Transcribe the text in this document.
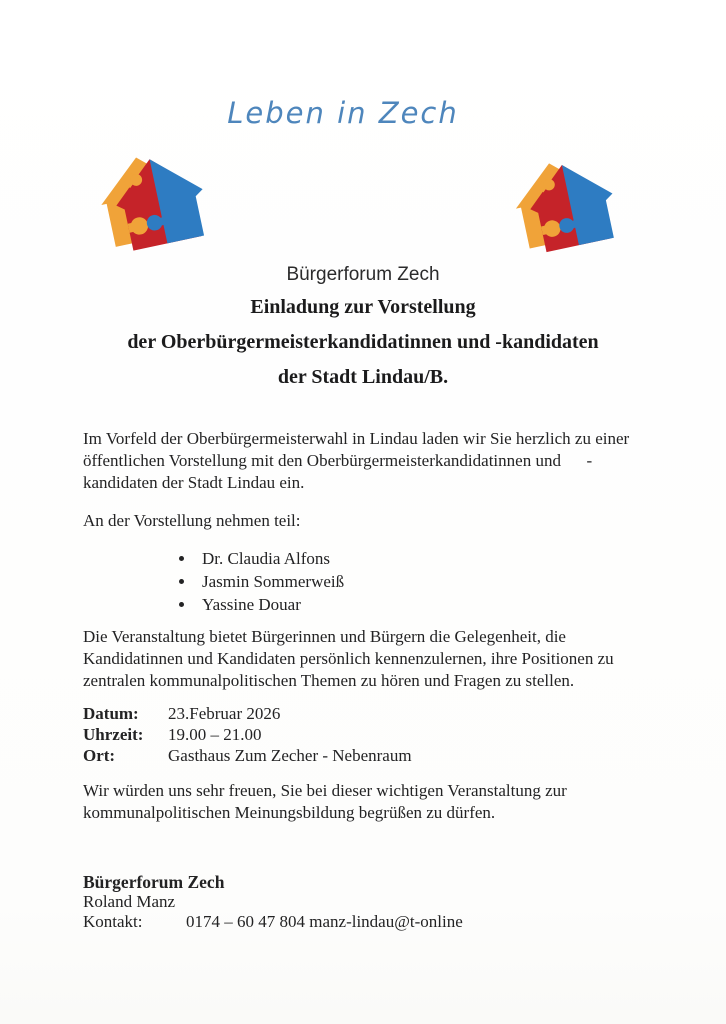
Leben in Zech
Bürgerforum Zech
Einladung zur Vorstellung
der Oberbürgermeisterkandidatinnen und -kandidaten
der Stadt Lindau/B.
Im Vorfeld der Oberbürgermeisterwahl in Lindau laden wir Sie herzlich zu einer
öffentlichen Vorstellung mit den Oberbürgermeisterkandidatinnen und      -
kandidaten der Stadt Lindau ein.
An der Vorstellung nehmen teil:
• Dr. Claudia Alfons
• Jasmin Sommerweiß
• Yassine Douar
Die Veranstaltung bietet Bürgerinnen und Bürgern die Gelegenheit, die
Kandidatinnen und Kandidaten persönlich kennenzulernen, ihre Positionen zu
zentralen kommunalpolitischen Themen zu hören und Fragen zu stellen.
Datum:	23.Februar 2026
Uhrzeit:	19.00 – 21.00
Ort:	Gasthaus Zum Zecher - Nebenraum
Wir würden uns sehr freuen, Sie bei dieser wichtigen Veranstaltung zur
kommunalpolitischen Meinungsbildung begrüßen zu dürfen.
Bürgerforum Zech
Roland Manz
Kontakt:	0174 – 60 47 804 manz-lindau@t-online
